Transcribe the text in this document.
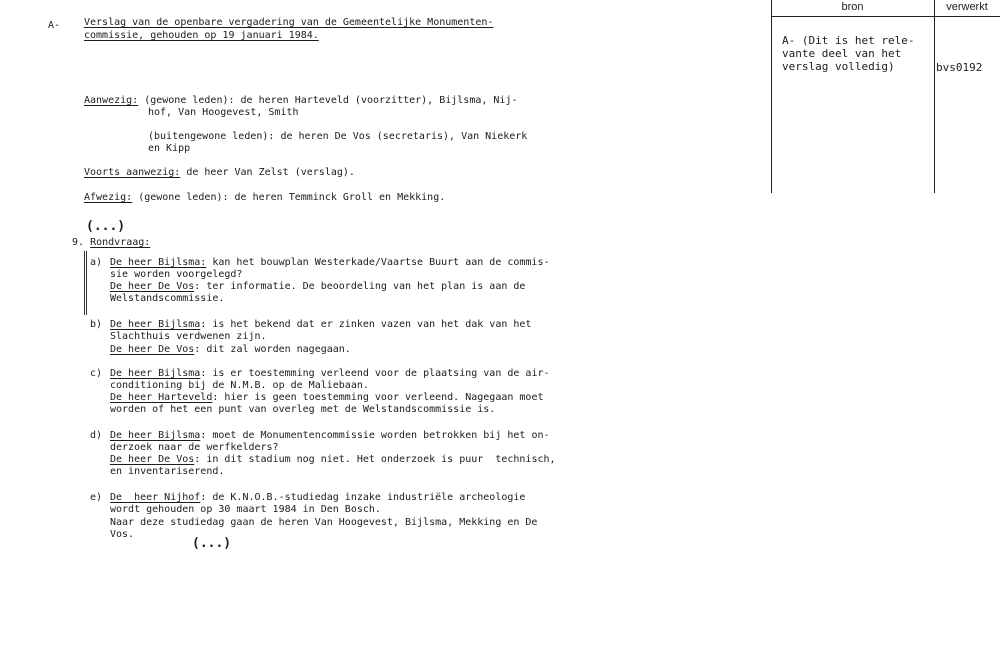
A- Verslag van de openbare vergadering van de Gemeentelijke Monumenten-
commissie, gehouden op 19 januari 1984.
Aanwezig: (gewone leden): de heren Harteveld (voorzitter), Bijlsma, Nij-
hof, Van Hoogevest, Smith
(buitengewone leden): de heren De Vos (secretaris), Van Niekerk
en Kipp
Voorts aanwezig: de heer Van Zelst (verslag).
Afwezig: (gewone leden): de heren Temminck Groll en Mekking.
(...)
9. Rondvraag:
a) De heer Bijlsma: kan het bouwplan Westerkade/Vaartse Buurt aan de commis-
sie worden voorgelegd?
De heer De Vos: ter informatie. De beoordeling van het plan is aan de
Welstandscommissie.
b) De heer Bijlsma: is het bekend dat er zinken vazen van het dak van het
Slachthuis verdwenen zijn.
De heer De Vos: dit zal worden nagegaan.
c) De heer Bijlsma: is er toestemming verleend voor de plaatsing van de air-
conditioning bij de N.M.B. op de Maliebaan.
De heer Harteveld: hier is geen toestemming voor verleend. Nagegaan moet
worden of het een punt van overleg met de Welstandscommissie is.
d) De heer Bijlsma: moet de Monumentencommissie worden betrokken bij het on-
derzoek naar de werfkelders?
De heer De Vos: in dit stadium nog niet. Het onderzoek is puur  technisch,
en inventariserend.
e) De  heer Nijhof: de K.N.O.B.-studiedag inzake industriële archeologie
wordt gehouden op 30 maart 1984 in Den Bosch.
Naar deze studiedag gaan de heren Van Hoogevest, Bijlsma, Mekking en De
Vos.
(...)
bron	verwerkt
A- (Dit is het rele-
vante deel van het
verslag volledig)	bvs0192
